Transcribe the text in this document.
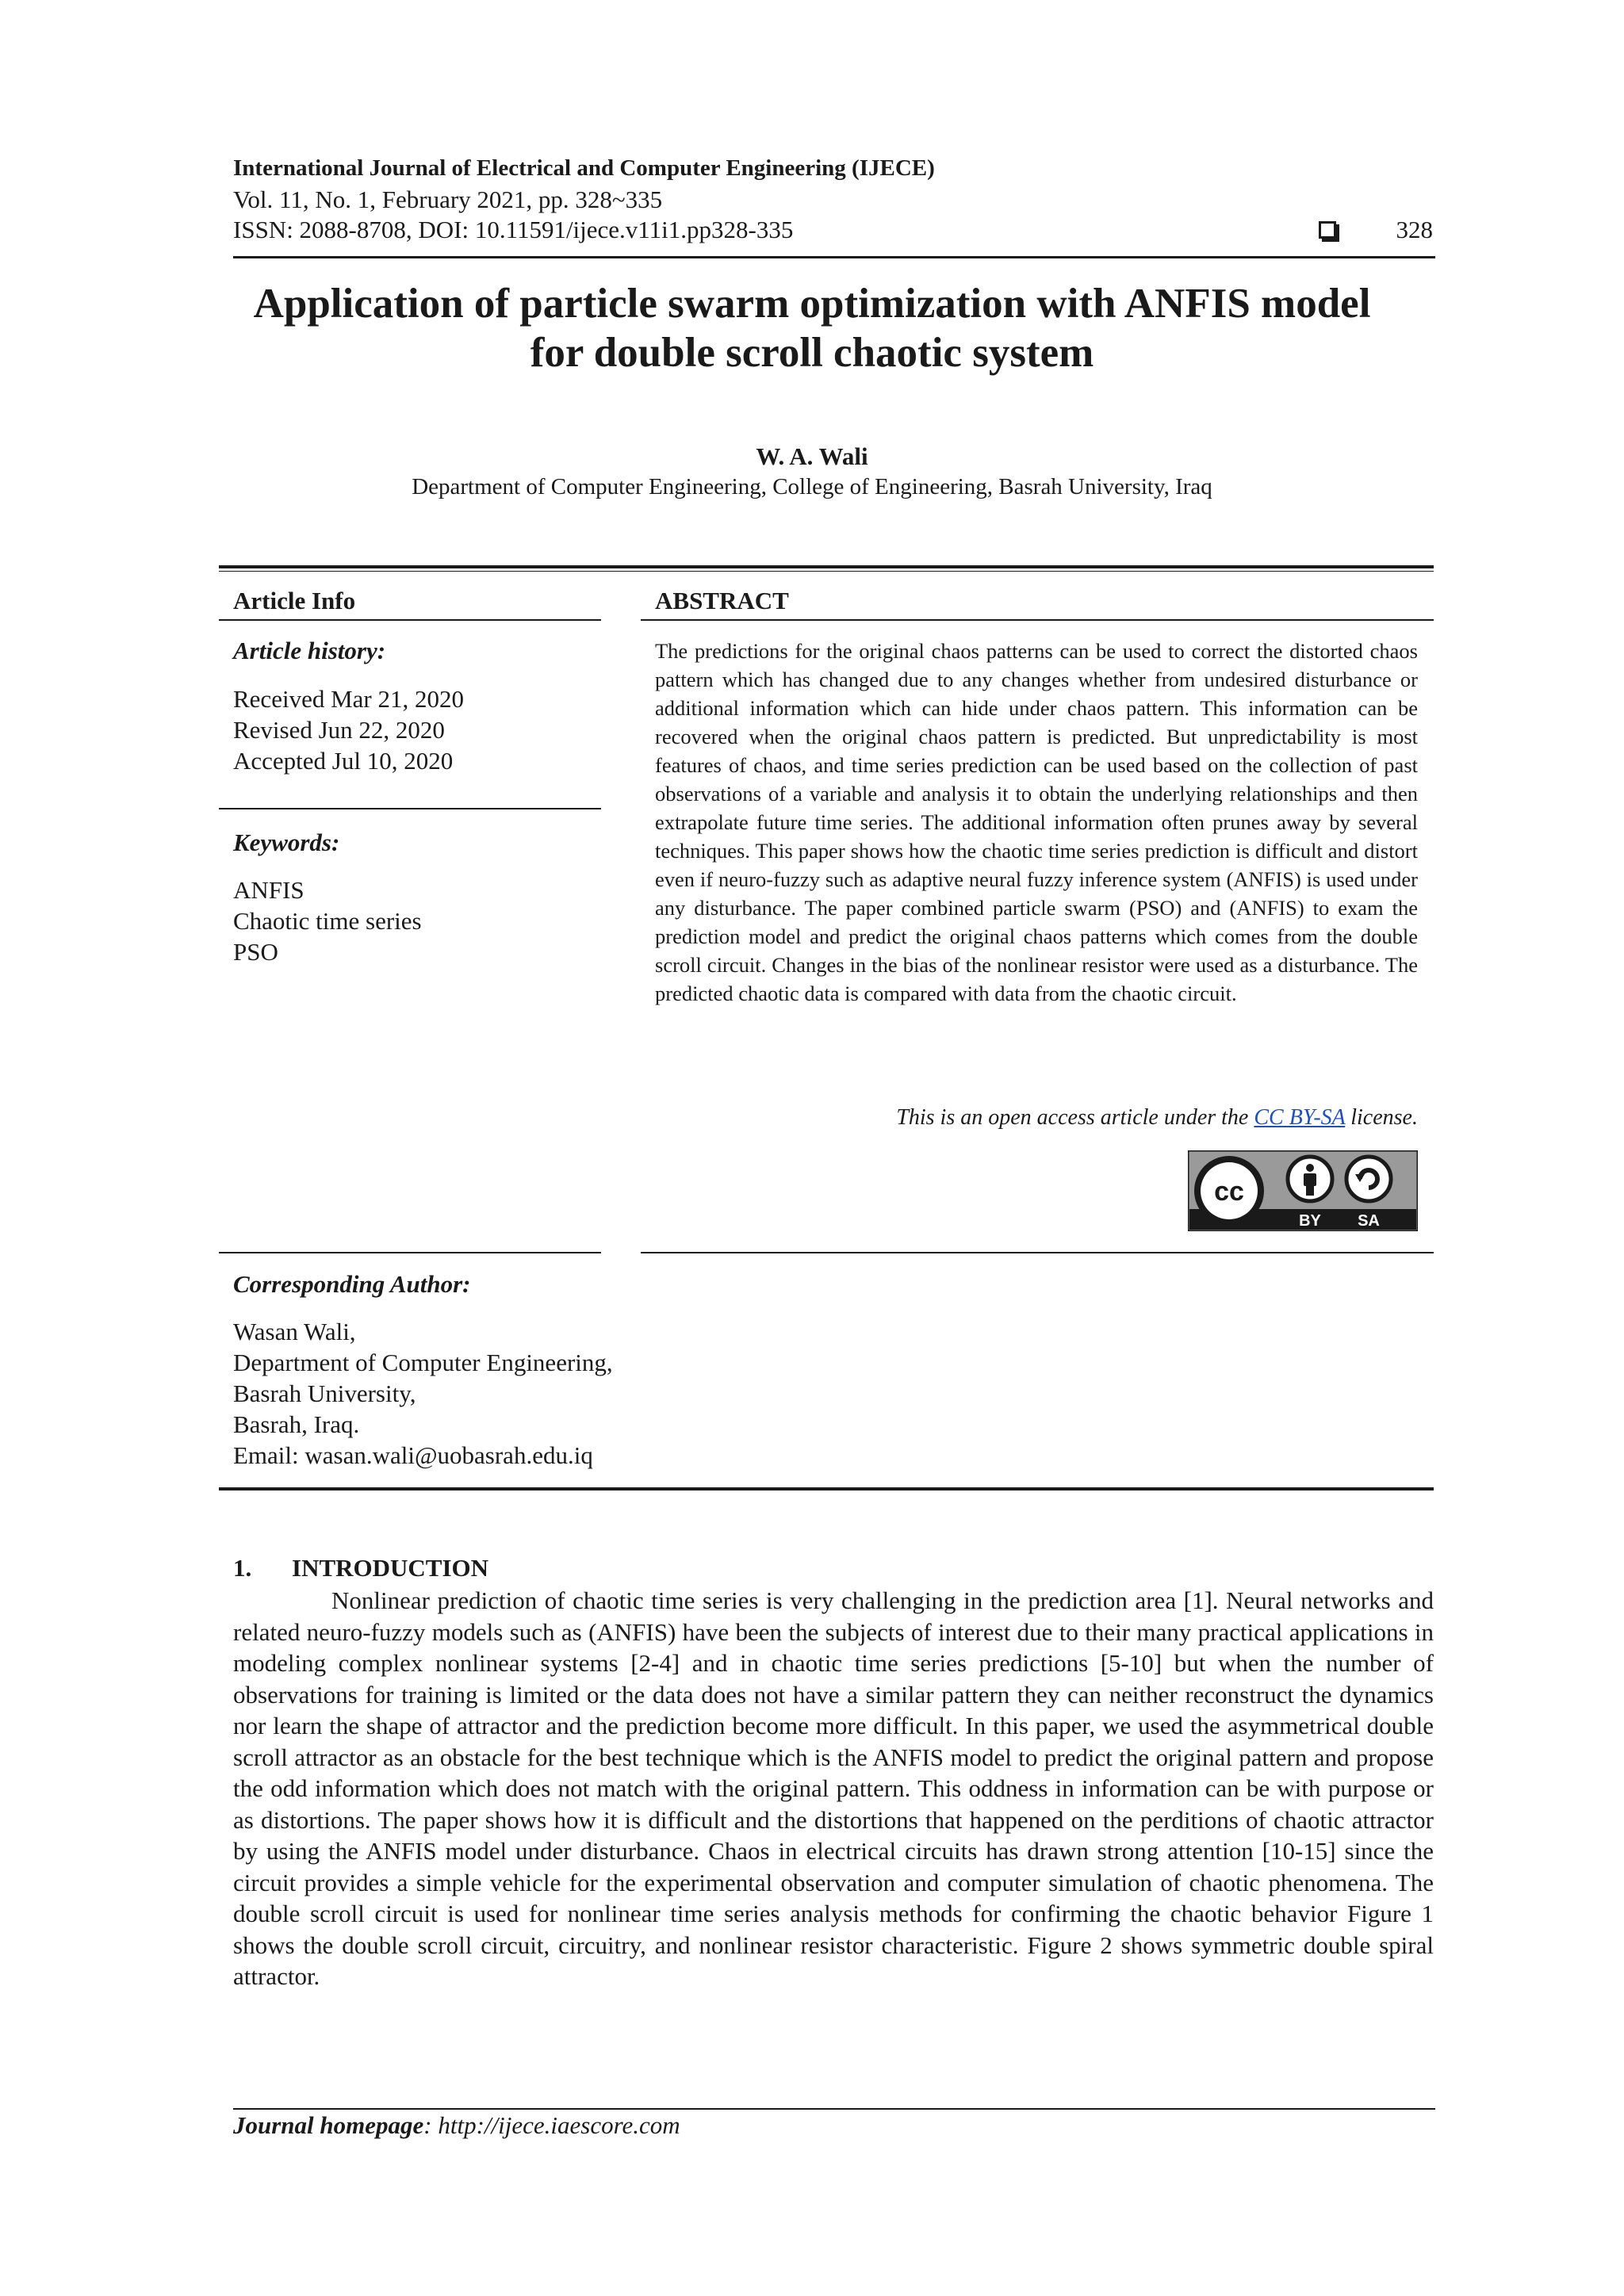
International Journal of Electrical and Computer Engineering (IJECE)
Vol. 11, No. 1, February 2021, pp. 328~335
ISSN: 2088-8708, DOI: 10.11591/ijece.v11i1.pp328-335	328
Application of particle swarm optimization with ANFIS model
for double scroll chaotic system
W. A. Wali
Department of Computer Engineering, College of Engineering, Basrah University, Iraq
Article Info
Article history:
Received Mar 21, 2020
Revised Jun 22, 2020
Accepted Jul 10, 2020
Keywords:
ANFIS
Chaotic time series
PSO
ABSTRACT
The predictions for the original chaos patterns can be used to correct the distorted chaos pattern which has changed due to any changes whether from undesired disturbance or additional information which can hide under chaos pattern. This information can be recovered when the original chaos pattern is predicted. But unpredictability is most features of chaos, and time series prediction can be used based on the collection of past observations of a variable and analysis it to obtain the underlying relationships and then extrapolate future time series. The additional information often prunes away by several techniques. This paper shows how the chaotic time series prediction is difficult and distort even if neuro-fuzzy such as adaptive neural fuzzy inference system (ANFIS) is used under any disturbance. The paper combined particle swarm (PSO) and (ANFIS) to exam the prediction model and predict the original chaos patterns which comes from the double scroll circuit. Changes in the bias of the nonlinear resistor were used as a disturbance. The predicted chaotic data is compared with data from the chaotic circuit.
This is an open access article under the CC BY-SA license.
cc
BY SA
Corresponding Author:
Wasan Wali,
Department of Computer Engineering,
Basrah University,
Basrah, Iraq.
Email: wasan.wali@uobasrah.edu.iq
1. INTRODUCTION
Nonlinear prediction of chaotic time series is very challenging in the prediction area [1]. Neural networks and related neuro-fuzzy models such as (ANFIS) have been the subjects of interest due to their many practical applications in modeling complex nonlinear systems [2-4] and in chaotic time series predictions [5-10] but when the number of observations for training is limited or the data does not have a similar pattern they can neither reconstruct the dynamics nor learn the shape of attractor and the prediction become more difficult. In this paper, we used the asymmetrical double scroll attractor as an obstacle for the best technique which is the ANFIS model to predict the original pattern and propose the odd information which does not match with the original pattern. This oddness in information can be with purpose or as distortions. The paper shows how it is difficult and the distortions that happened on the perditions of chaotic attractor by using the ANFIS model under disturbance. Chaos in electrical circuits has drawn strong attention [10-15] since the circuit provides a simple vehicle for the experimental observation and computer simulation of chaotic phenomena. The double scroll circuit is used for nonlinear time series analysis methods for confirming the chaotic behavior Figure 1 shows the double scroll circuit, circuitry, and nonlinear resistor characteristic. Figure 2 shows symmetric double spiral attractor.
Journal homepage: http://ijece.iaescore.com
